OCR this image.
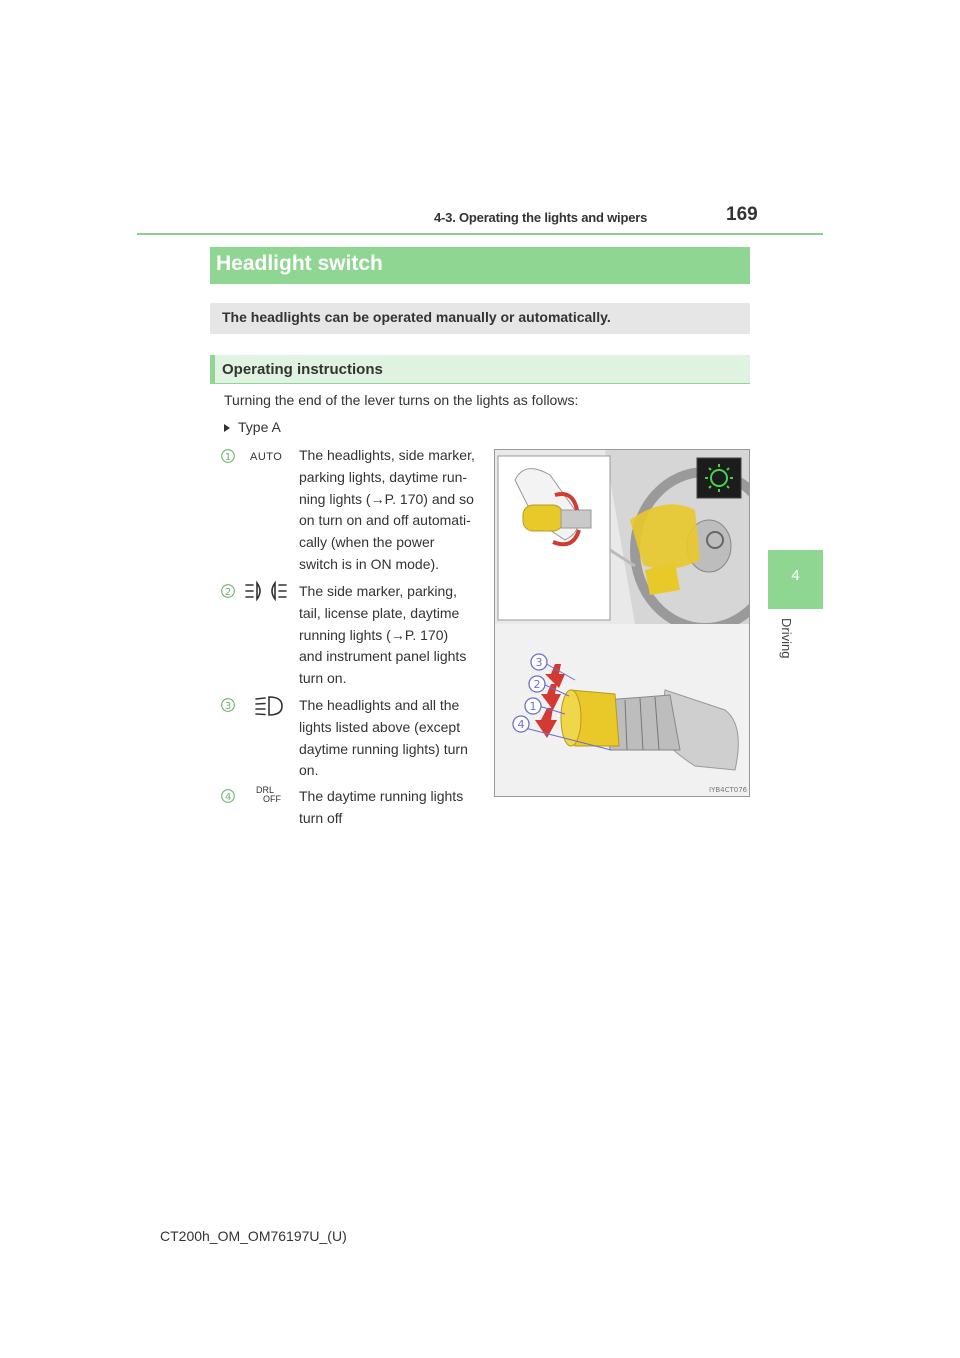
4-3. Operating the lights and wipers	169
4
Driving
Headlight switch
The headlights can be operated manually or automatically.
Operating instructions
Turning the end of the lever turns on the lights as follows:
Type A
1 AUTO The headlights, side marker,
parking lights, daytime run-
ning lights (→P. 170) and so
on turn on and off automati-
cally (when the power
switch is in ON mode).
2	The side marker, parking,
tail, license plate, daytime
running lights (→P. 170)
and instrument panel lights
turn on.
3	The headlights and all the
lights listed above (except
daytime running lights) turn
on.
4
DRL
OFF The daytime running lights
turn off
3
2
1
4
IYB4CT076
CT200h_OM_OM76197U_(U)
